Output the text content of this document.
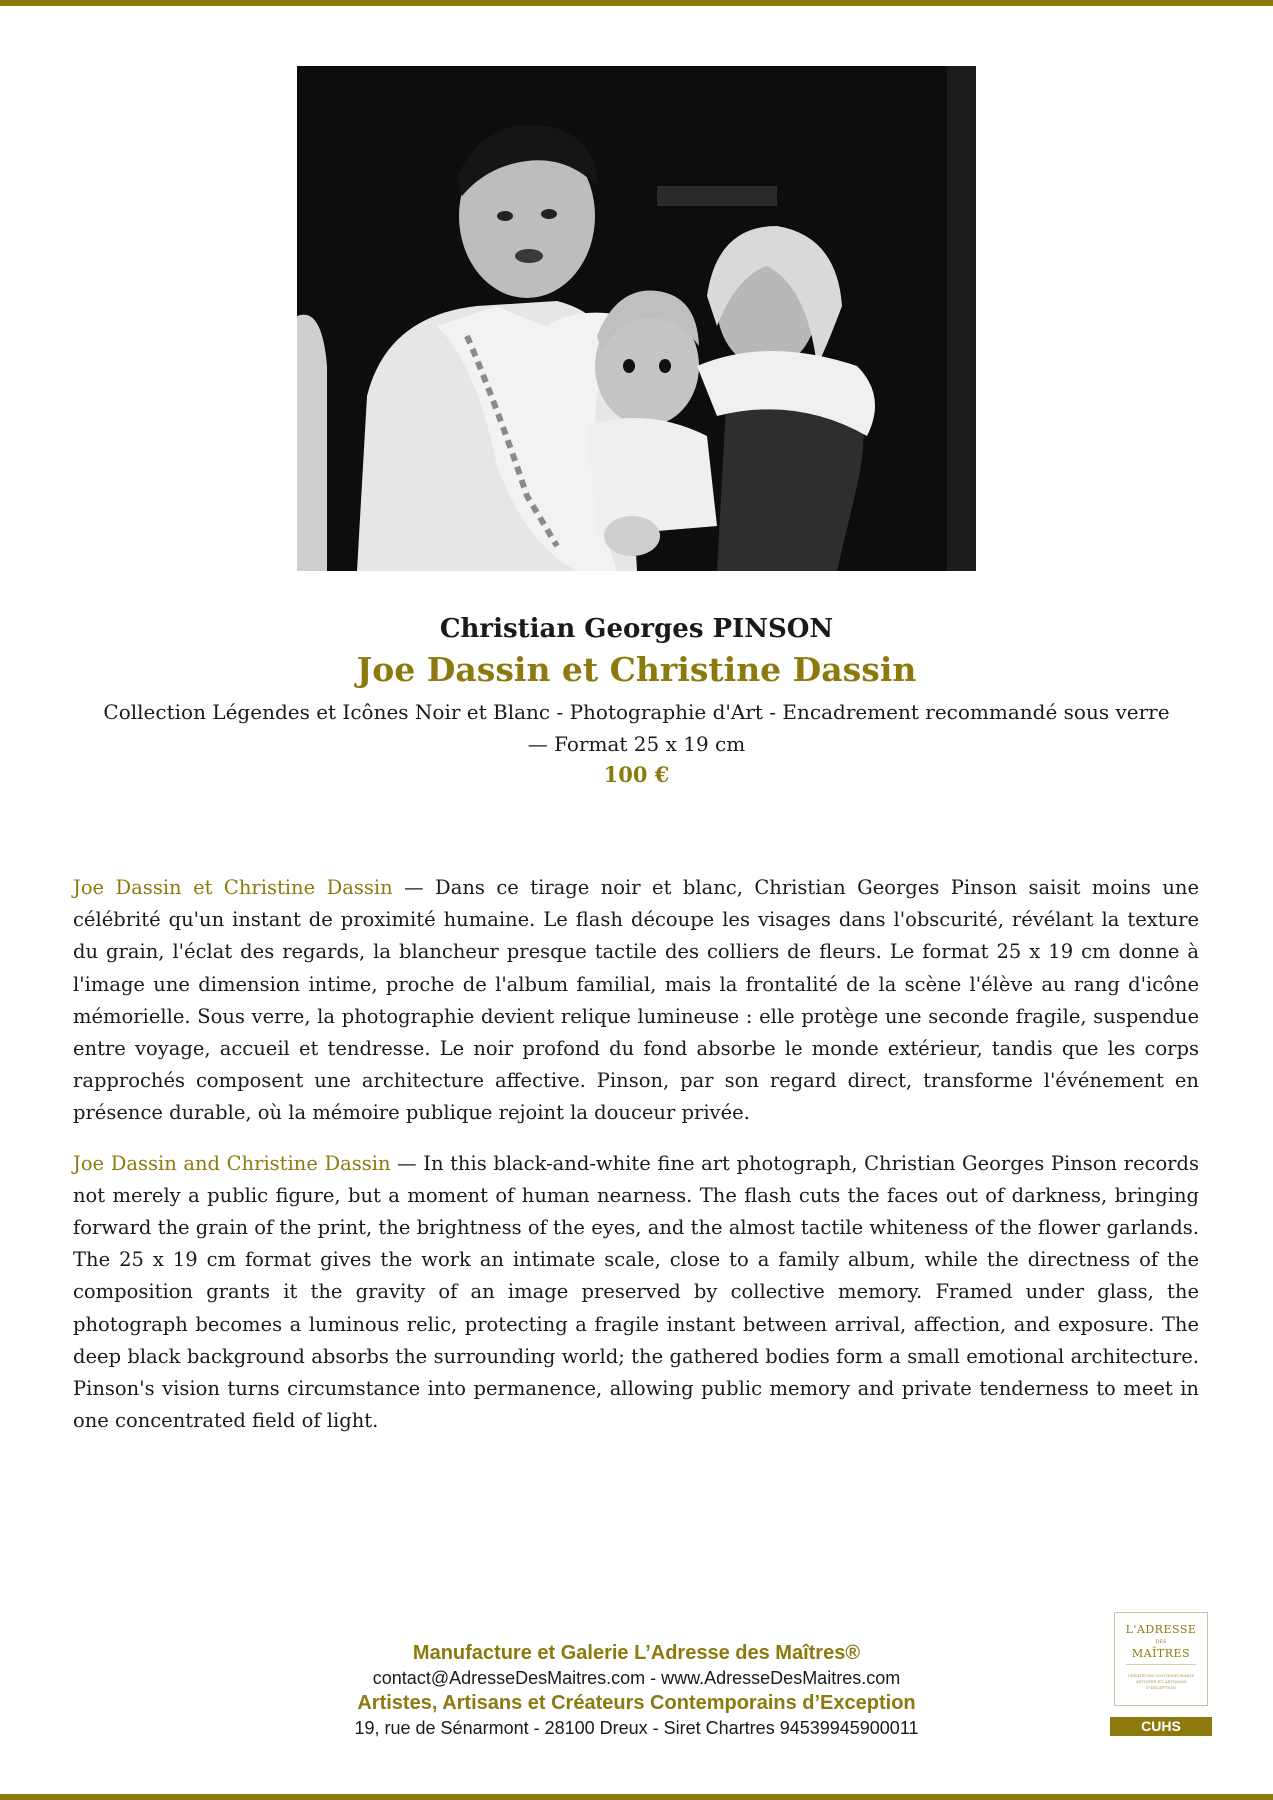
Christian Georges PINSON
Joe Dassin et Christine Dassin
Collection Légendes et Icônes Noir et Blanc - Photographie d'Art - Encadrement recommandé sous verre — Format 25 x 19 cm
100 €

Joe Dassin et Christine Dassin — Dans ce tirage noir et blanc, Christian Georges Pinson saisit moins une célébrité qu'un instant de proximité humaine. Le flash découpe les visages dans l'obscurité, révélant la texture du grain, l'éclat des regards, la blancheur presque tactile des colliers de fleurs. Le format 25 x 19 cm donne à l'image une dimension intime, proche de l'album familial, mais la frontalité de la scène l'élève au rang d'icône mémorielle. Sous verre, la photographie devient relique lumineuse : elle protège une seconde fragile, suspendue entre voyage, accueil et tendresse. Le noir profond du fond absorbe le monde extérieur, tandis que les corps rapprochés composent une architecture affective. Pinson, par son regard direct, transforme l'événement en présence durable, où la mémoire publique rejoint la douceur privée.

Joe Dassin and Christine Dassin — In this black-and-white fine art photograph, Christian Georges Pinson records not merely a public figure, but a moment of human nearness. The flash cuts the faces out of darkness, bringing forward the grain of the print, the brightness of the eyes, and the almost tactile whiteness of the flower garlands. The 25 x 19 cm format gives the work an intimate scale, close to a family album, while the directness of the composition grants it the gravity of an image preserved by collective memory. Framed under glass, the photograph becomes a luminous relic, protecting a fragile instant between arrival, affection, and exposure. The deep black background absorbs the surrounding world; the gathered bodies form a small emotional architecture. Pinson's vision turns circumstance into permanence, allowing public memory and private tenderness to meet in one concentrated field of light.

Manufacture et Galerie L’Adresse des Maîtres®
contact@AdresseDesMaitres.com - www.AdresseDesMaitres.com
Artistes, Artisans et Créateurs Contemporains d’Exception
19, rue de Sénarmont - 28100 Dreux - Siret Chartres 94539945900011
L'ADRESSE
DES
MAÎTRES
CRÉATEURS CONTEMPORAINS ARTISTES ET ARTISANS D'EXCEPTION
CUHS
